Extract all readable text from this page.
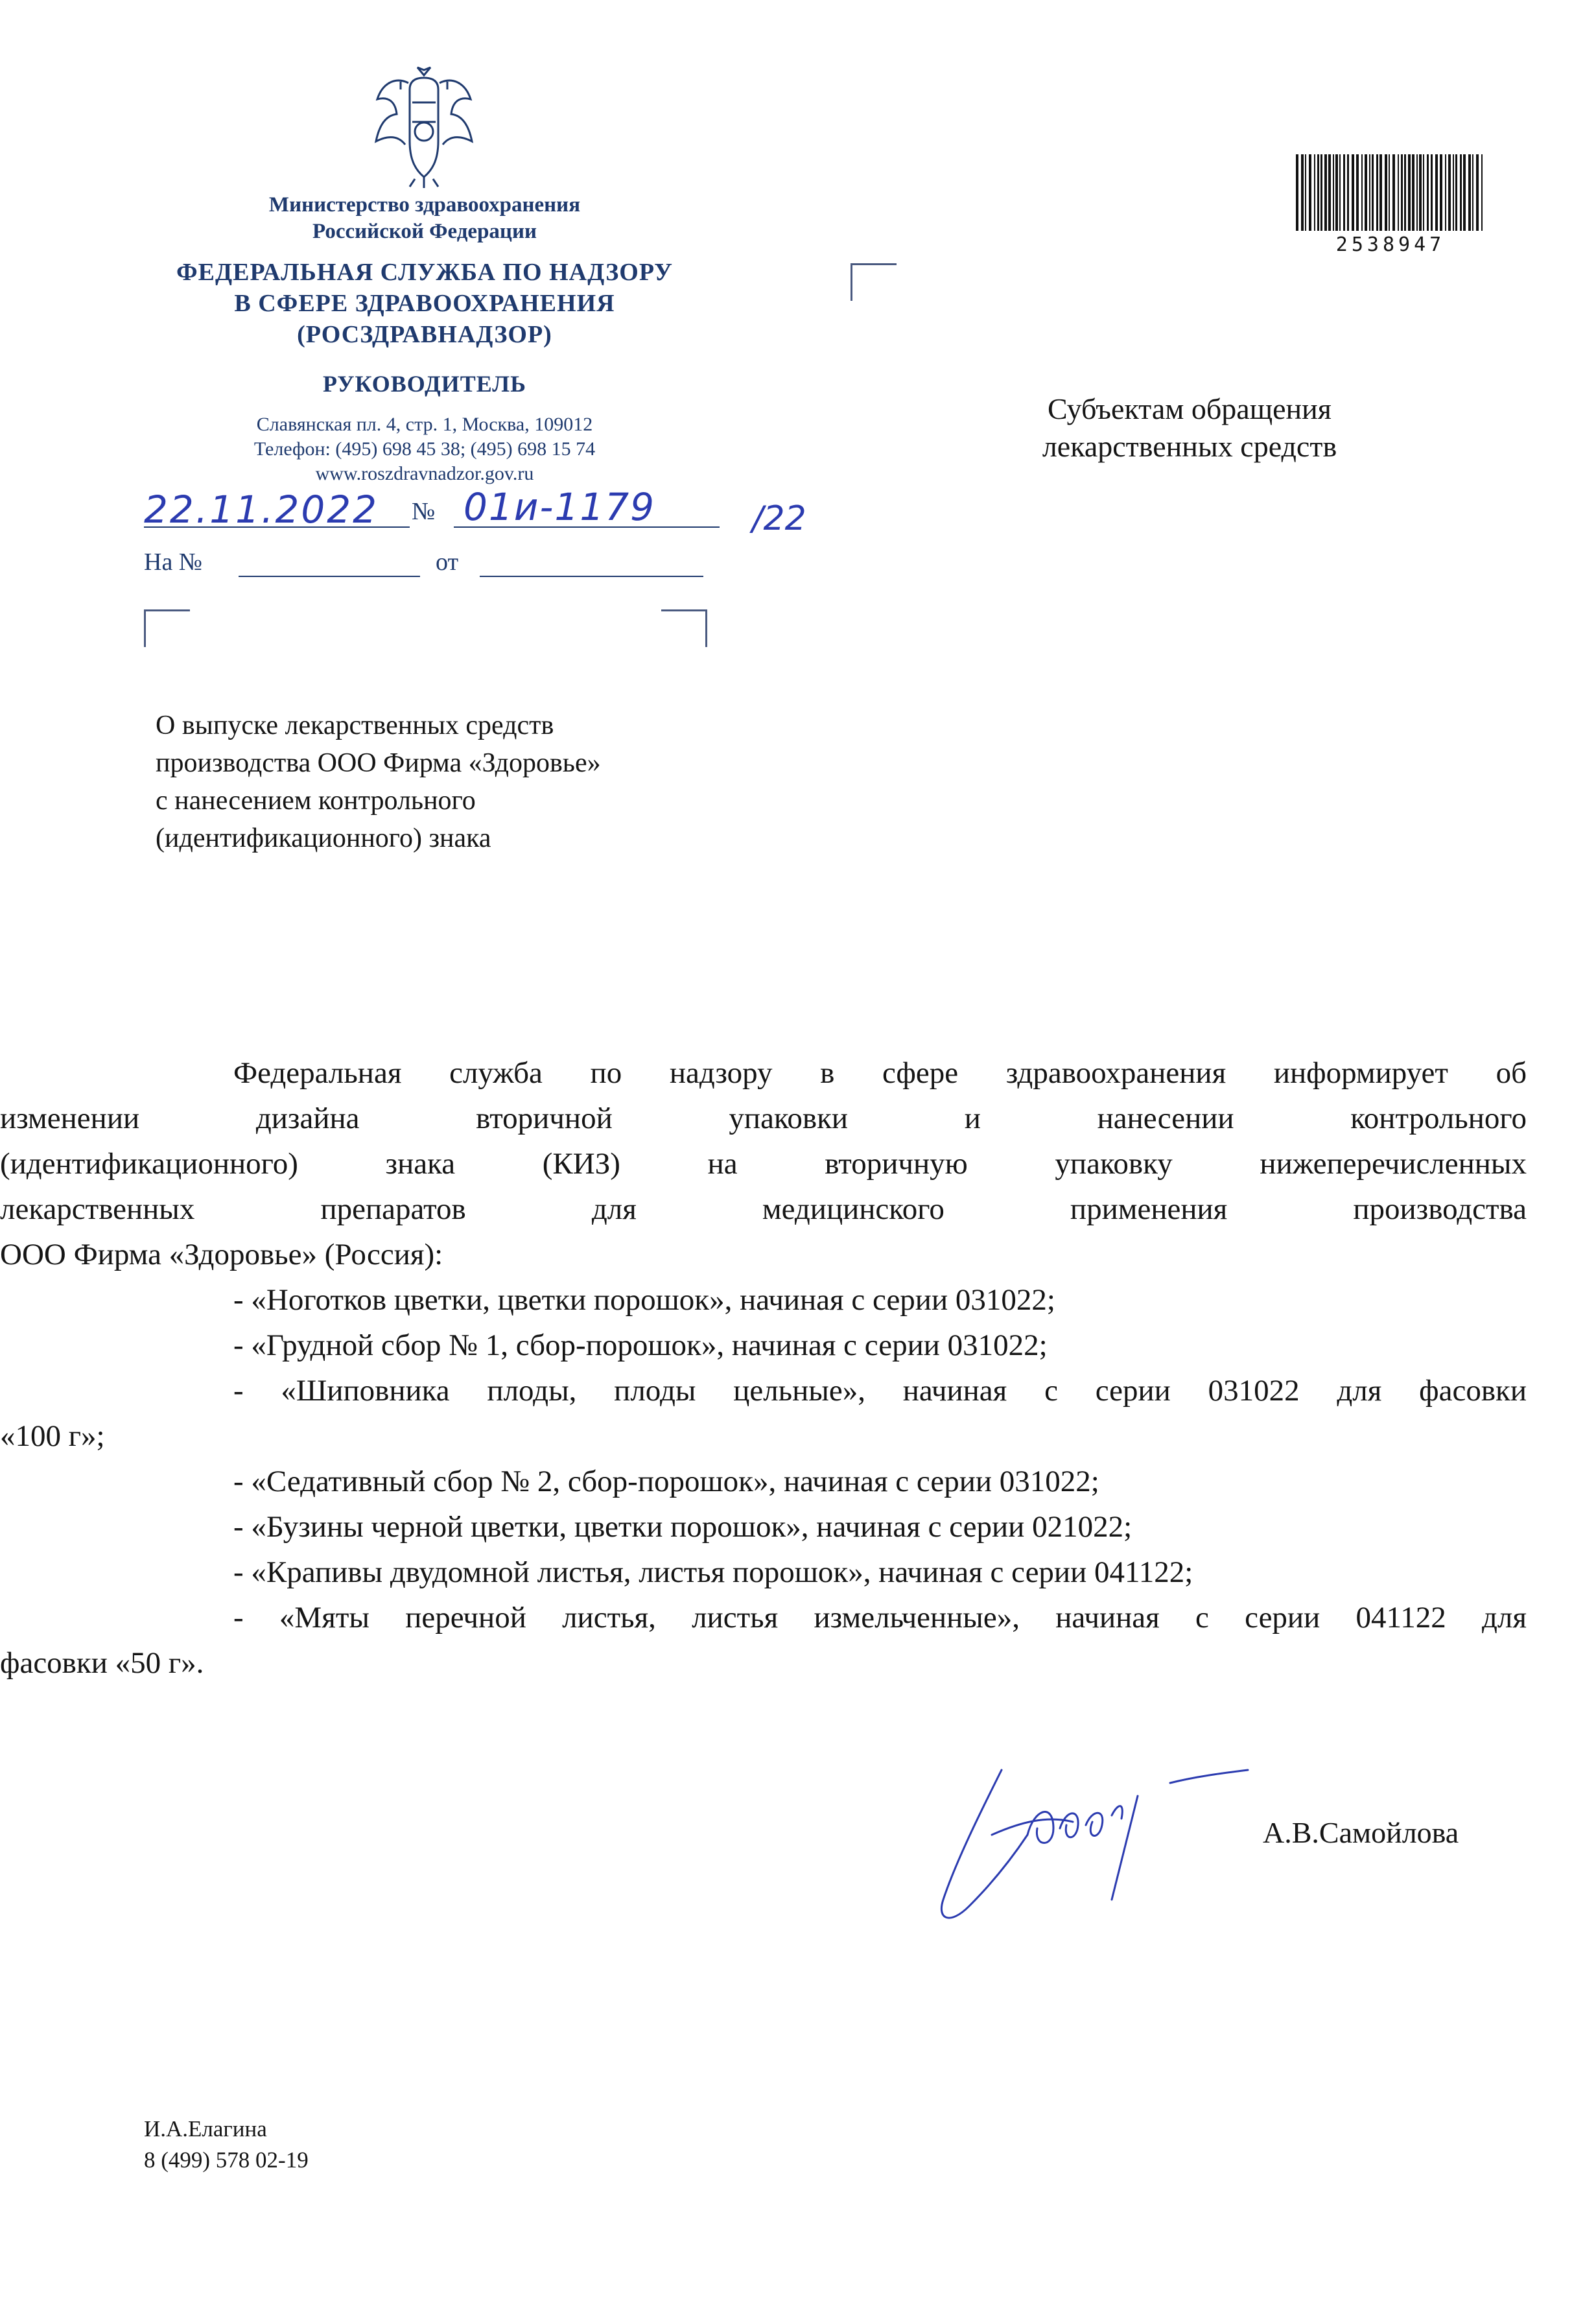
Министерство здравоохранения
Российской Федерации
ФЕДЕРАЛЬНАЯ СЛУЖБА ПО НАДЗОРУ
В СФЕРЕ ЗДРАВООХРАНЕНИЯ
(РОСЗДРАВНАДЗОР)
РУКОВОДИТЕЛЬ
Славянская пл. 4, стр. 1, Москва, 109012
Телефон: (495) 698 45 38; (495) 698 15 74
www.roszdravnadzor.gov.ru
22.11.2022 № 01и-1179	/22
На №	от
2538947
Субъектам обращения
лекарственных средств
О выпуске лекарственных средств
производства ООО Фирма «Здоровье»
с нанесением контрольного
(идентификационного) знака

Федеральная служба по надзору в сфере здравоохранения информирует об

изменении дизайна вторичной упаковки и нанесении контрольного

(идентификационного) знака (КИЗ) на вторичную упаковку нижеперечисленных

лекарственных препаратов для медицинского применения производства

ООО Фирма «Здоровье» (Россия):

- «Ноготков цветки, цветки порошок», начиная с серии 031022;

- «Грудной сбор № 1, сбор-порошок», начиная с серии 031022;

- «Шиповника плоды, плоды цельные», начиная с серии 031022 для фасовки

«100 г»;

- «Седативный сбор № 2, сбор-порошок», начиная с серии 031022;

- «Бузины черной цветки, цветки порошок», начиная с серии 021022;

- «Крапивы двудомной листья, листья порошок», начиная с серии 041122;

- «Мяты перечной листья, листья измельченные», начиная с серии 041122 для

фасовки «50 г».

А.В.Самойлова
И.А.Елагина
8 (499) 578 02-19
